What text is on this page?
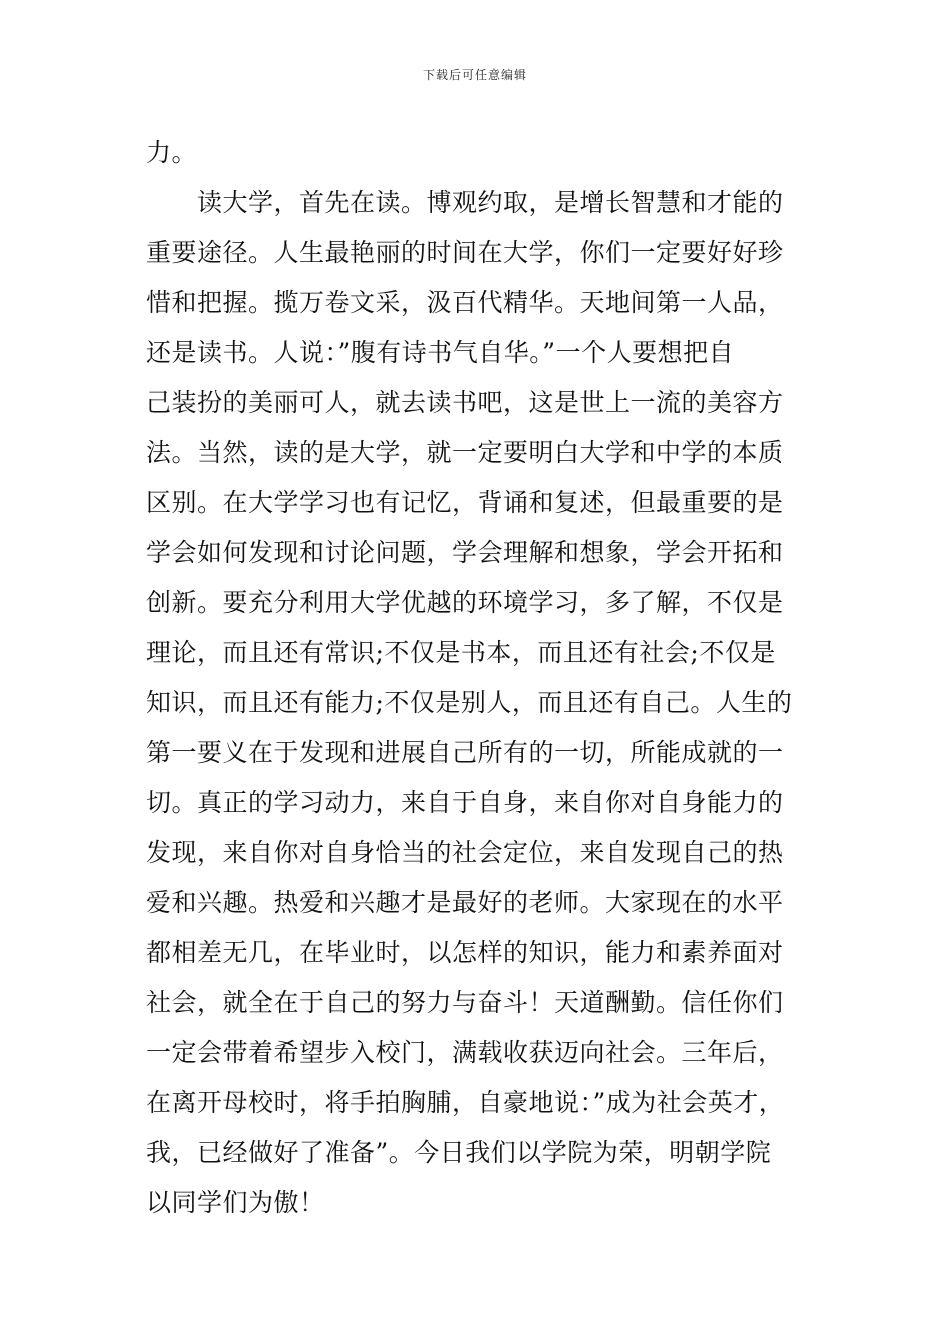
下载后可任意编辑
力。
　　读大学，首先在读。博观约取，是增长智慧和才能的
重要途径。人生最艳丽的时间在大学，你们一定要好好珍
惜和把握。揽万卷文采，汲百代精华。天地间第一人品，
还是读书。人说：”腹有诗书气自华。”一个人要想把自
己装扮的美丽可人，就去读书吧，这是世上一流的美容方
法。当然，读的是大学，就一定要明白大学和中学的本质
区别。在大学学习也有记忆，背诵和复述，但最重要的是
学会如何发现和讨论问题，学会理解和想象，学会开拓和
创新。要充分利用大学优越的环境学习，多了解，不仅是
理论，而且还有常识;不仅是书本，而且还有社会;不仅是
知识，而且还有能力;不仅是别人，而且还有自己。人生的
第一要义在于发现和进展自己所有的一切，所能成就的一
切。真正的学习动力，来自于自身，来自你对自身能力的
发现，来自你对自身恰当的社会定位，来自发现自己的热
爱和兴趣。热爱和兴趣才是最好的老师。大家现在的水平
都相差无几，在毕业时，以怎样的知识，能力和素养面对
社会，就全在于自己的努力与奋斗！天道酬勤。信任你们
一定会带着希望步入校门，满载收获迈向社会。三年后，
在离开母校时，将手拍胸脯，自豪地说：”成为社会英才，
我，已经做好了准备”。今日我们以学院为荣，明朝学院
以同学们为傲！
